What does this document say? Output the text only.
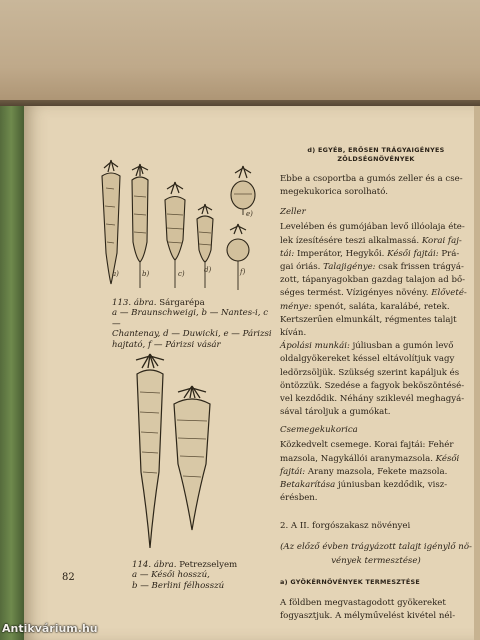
a)	b)	c)	d)
e)
f)
113. ábra. Sárgarépa
a — Braunschweigi, b — Nantes-i, c —
Chantenay, d — Duwicki, e — Párizsi
hajtató, f — Párizsi vásár
114. ábra. Petrezselyem
a — Késői hosszú,
b — Berlini félhosszú
82
d) EGYÉB, ERŐSEN TRÁGYAIGÉNYES
ZÖLDSÉGNÖVÉNYEK

Ebbe a csoportba a gumós zeller és a cse-
megekukorica sorolható.

Zeller

Levelében és gumójában levő illóolaja éte-
lek ízesítésére teszi alkalmassá. Korai faj-
tái: Imperátor, Hegykői. Késői fajtái: Prá-
gai óriás. Talajigénye: csak frissen trágyá-
zott, tápanyagokban gazdag talajon ad bő-
séges termést. Vízigényes növény. Előveté-
ménye: spenót, saláta, karalábé, retek.
Kertszerűen elmunkált, régmentes talajt
kíván.

Ápolási munkái: júliusban a gumón levő
oldalgyökereket késsel eltávolítjuk vagy
ledörzsöljük. Szükség szerint kapáljuk és
öntözzük. Szedése a fagyok beköszöntésé-
vel kezdődik. Néhány sziklevél meghagyá-
sával tároljuk a gumókat.

Csemegekukorica

Közkedvelt csemege. Korai fajtái: Fehér
mazsola, Nagykállói aranymazsola. Késői
fajtái: Arany mazsola, Fekete mazsola.
Betakarítása júniusban kezdődik, visz-
érésben.

2. A II. forgószakasz növényei

(Az előző évben trágyázott talajt igénylő nö-
vények termesztése)

a) GYÖKÉRNÖVÉNYEK TERMESZTÉSE

A földben megvastagodott gyökereket
fogyasztjuk. A mélyművelést kivétel nél-

Antikvárium.hu
